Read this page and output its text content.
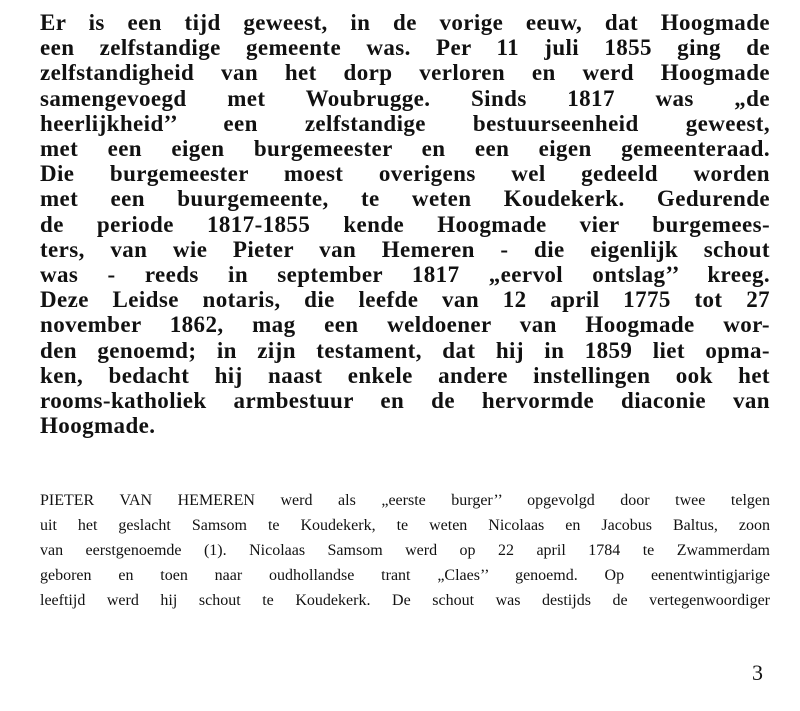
Er is een tijd geweest, in de vorige eeuw, dat Hoogmade
een zelfstandige gemeente was. Per 11 juli 1855 ging de
zelfstandigheid van het dorp verloren en werd Hoogmade
samengevoegd met Woubrugge. Sinds 1817 was „de
heerlijkheid’’ een zelfstandige bestuurseenheid geweest,
met een eigen burgemeester en een eigen gemeenteraad.
Die burgemeester moest overigens wel gedeeld worden
met een buurgemeente, te weten Koudekerk. Gedurende
de periode 1817-1855 kende Hoogmade vier burgemees-
ters, van wie Pieter van Hemeren - die eigenlijk schout
was - reeds in september 1817 „eervol ontslag’’ kreeg.
Deze Leidse notaris, die leefde van 12 april 1775 tot 27
november 1862, mag een weldoener van Hoogmade wor-
den genoemd; in zijn testament, dat hij in 1859 liet opma-
ken, bedacht hij naast enkele andere instellingen ook het
rooms-katholiek armbestuur en de hervormde diaconie van
Hoogmade.
PIETER VAN HEMEREN werd als „eerste burger’’ opgevolgd door twee telgen
uit het geslacht Samsom te Koudekerk, te weten Nicolaas en Jacobus Baltus, zoon
van eerstgenoemde (1). Nicolaas Samsom werd op 22 april 1784 te Zwammerdam
geboren en toen naar oudhollandse trant „Claes’’ genoemd. Op eenentwintigjarige
leeftijd werd hij schout te Koudekerk. De schout was destijds de vertegenwoordiger
3
